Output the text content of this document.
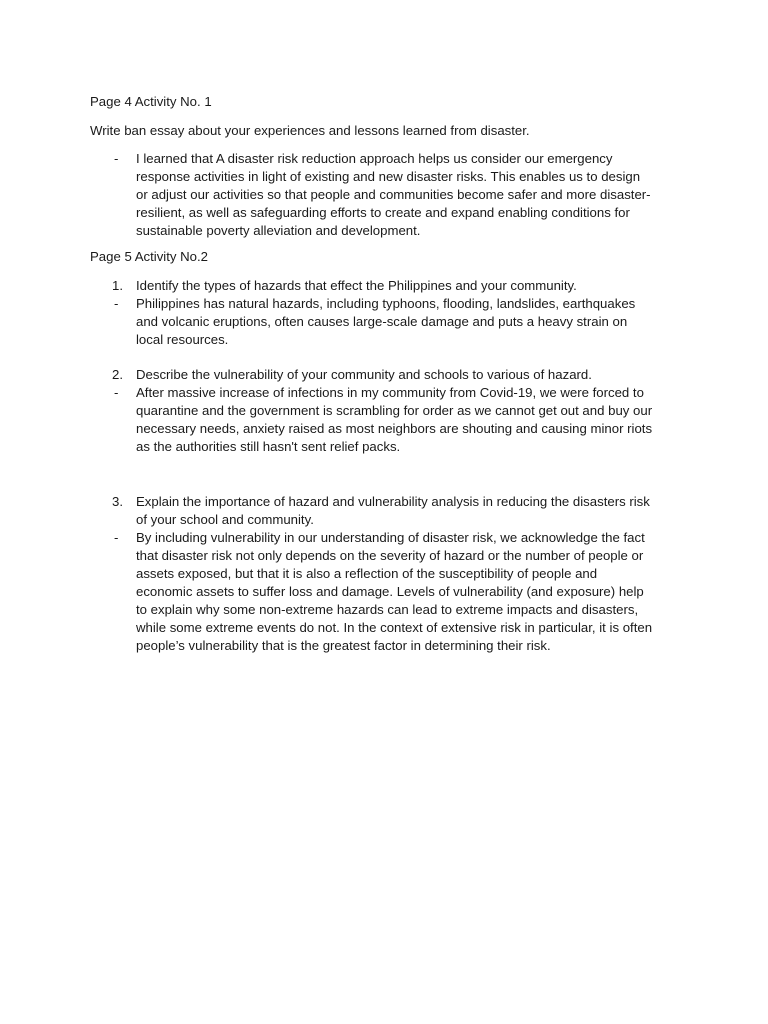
Page 4 Activity No. 1

Write ban essay about your experiences and lessons learned from disaster.

- I learned that A disaster risk reduction approach helps us consider our emergency
response activities in light of existing and new disaster risks. This enables us to design
or adjust our activities so that people and communities become safer and more disaster-
resilient, as well as safeguarding efforts to create and expand enabling conditions for
sustainable poverty alleviation and development.

Page 5 Activity No.2

1. Identify the types of hazards that effect the Philippines and your community.
- Philippines has natural hazards, including typhoons, flooding, landslides, earthquakes
and volcanic eruptions, often causes large-scale damage and puts a heavy strain on
local resources.
2. Describe the vulnerability of your community and schools to various of hazard.
- After massive increase of infections in my community from Covid-19, we were forced to
quarantine and the government is scrambling for order as we cannot get out and buy our
necessary needs, anxiety raised as most neighbors are shouting and causing minor riots
as the authorities still hasn't sent relief packs.
3. Explain the importance of hazard and vulnerability analysis in reducing the disasters risk
of your school and community.
- By including vulnerability in our understanding of disaster risk, we acknowledge the fact
that disaster risk not only depends on the severity of hazard or the number of people or
assets exposed, but that it is also a reflection of the susceptibility of people and
economic assets to suffer loss and damage. Levels of vulnerability (and exposure) help
to explain why some non-extreme hazards can lead to extreme impacts and disasters,
while some extreme events do not. In the context of extensive risk in particular, it is often
people’s vulnerability that is the greatest factor in determining their risk.
